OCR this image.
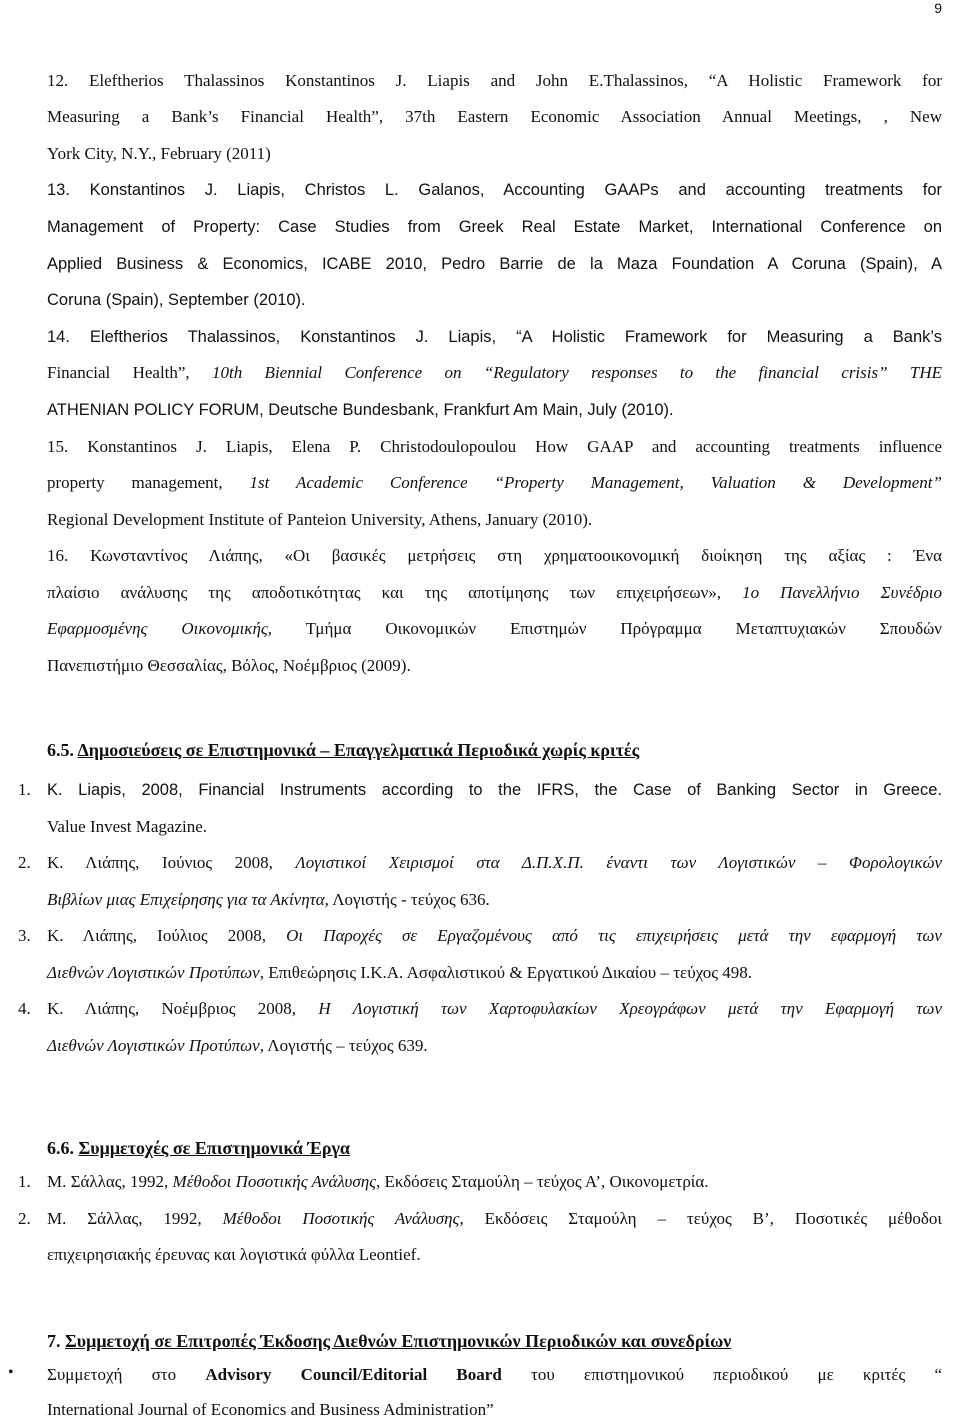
9
12. Eleftherios Thalassinos Konstantinos J. Liapis and John E.Thalassinos, “A Holistic Framework for
Measuring a Bank’s Financial Health”, 37th Eastern Economic Association Annual Meetings, , New
York City, N.Y., February (2011)
13. Konstantinos J. Liapis, Christos L. Galanos, Accounting GAAPs and accounting treatments for
Management of Property: Case Studies from Greek Real Estate Market, International Conference on
Applied Business & Economics, ICABE 2010, Pedro Barrie de la Maza Foundation A Coruna (Spain), A
Coruna (Spain), September (2010).
14. Eleftherios Thalassinos, Konstantinos J. Liapis, “A Holistic Framework for Measuring a Bank’s
Financial Health”, 10th Biennial Conference on “Regulatory responses to the financial crisis” THE
ATHENIAN POLICY FORUM, Deutsche Bundesbank, Frankfurt Am Main, July (2010).
15. Konstantinos J. Liapis, Elena P. Christodoulopoulou How GAAP and accounting treatments influence
property management, 1st Academic Conference “Property Management, Valuation & Development”
Regional Development Institute of Panteion University, Athens, January (2010).
16. Κωνσταντίνος Λιάπης, «Οι βασικές μετρήσεις στη χρηματοοικονομική διοίκηση της αξίας : Ένα
πλαίσιο ανάλυσης της αποδοτικότητας και της αποτίμησης των επιχειρήσεων», 1ο Πανελλήνιο Συνέδριο
Εφαρμοσμένης Οικονομικής, Τμήμα Οικονομικών Επιστημών Πρόγραμμα Μεταπτυχιακών Σπουδών
Πανεπιστήμιο Θεσσαλίας, Βόλος, Νοέμβριος (2009).
6.5. Δημοσιεύσεις σε Επιστημονικά – Επαγγελματικά Περιοδικά χωρίς κριτές
1. K. Liapis, 2008, Financial Instruments according to the IFRS, the Case of Banking Sector in Greece.
Value Invest Magazine.
2. Κ. Λιάπης, Ιούνιος 2008, Λογιστικοί Χειρισμοί στα Δ.Π.Χ.Π. έναντι των Λογιστικών – Φορολογικών
Βιβλίων μιας Επιχείρησης για τα Ακίνητα, Λογιστής - τεύχος 636.
3. Κ. Λιάπης, Ιούλιος 2008, Οι Παροχές σε Εργαζομένους από τις επιχειρήσεις μετά την εφαρμογή των
Διεθνών Λογιστικών Προτύπων, Επιθεώρησις Ι.Κ.Α. Ασφαλιστικού & Εργατικού Δικαίου – τεύχος 498.
4. Κ. Λιάπης, Νοέμβριος 2008, Η Λογιστική των Χαρτοφυλακίων Χρεογράφων μετά την Εφαρμογή των
Διεθνών Λογιστικών Προτύπων, Λογιστής – τεύχος 639.
6.6. Συμμετοχές σε Επιστημονικά Έργα
1. Μ. Σάλλας, 1992, Μέθοδοι Ποσοτικής Ανάλυσης, Εκδόσεις Σταμούλη – τεύχος Α’, Οικονομετρία.
2. Μ. Σάλλας, 1992, Μέθοδοι Ποσοτικής Ανάλυσης, Εκδόσεις Σταμούλη – τεύχος Β’, Ποσοτικές μέθοδοι
επιχειρησιακής έρευνας και λογιστικά φύλλα Leontief.
7. Συμμετοχή σε Επιτροπές Έκδοσης Διεθνών Επιστημονικών Περιοδικών και συνεδρίων
Συμμετοχή στο Advisory Council/Editorial Board του επιστημονικού περιοδικού με κριτές “
•
International Journal of Economics and Business Administration”
